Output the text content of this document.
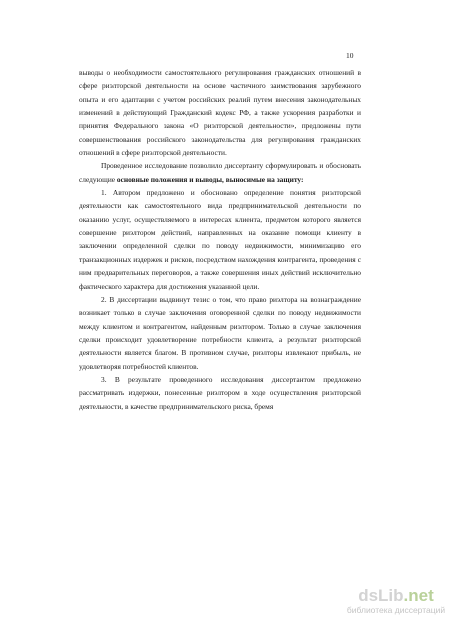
10

выводы о необходимости самостоятельного регулирования гражданских отношений в сфере риэлторской деятельности на основе частичного заимствования зарубежного опыта и его адаптации с учетом российских реалий путем внесения законодательных изменений в действующий Гражданский кодекс РФ, а также ускорения разработки и принятия Федерального закона «О риэлторской деятельности», предложены пути совершенствования российского законодательства для регулирования гражданских отношений в сфере риэлторской деятельности.

Проведенное исследование позволило диссертанту сформулировать и обосновать следующие основные положения и выводы, выносимые на защиту:

1. Автором предложено и обосновано определение понятия риэлторской деятельности как самостоятельного вида предпринимательской деятельности по оказанию услуг, осуществляемого в интересах клиента, предметом которого является совершение риэлтором действий, направленных на оказание помощи клиенту в заключении определенной сделки по поводу недвижимости, минимизацию его транзакционных издержек и рисков, посредством нахождения контрагента, проведения с ним предварительных переговоров, а также совершения иных действий исключительно фактического характера для достижения указанной цели.

2. В диссертации выдвинут тезис о том, что право риэлтора на вознаграждение возникает только в случае заключения оговоренной сделки по поводу недвижимости между клиентом и контрагентом, найденным риэлтором. Только в случае заключения сделки происходит удовлетворение потребности клиента, а результат риэлторской деятельности является благом. В противном случае, риэлторы извлекают прибыль, не удовлетворяя потребностей клиентов.

3. В результате проведенного исследования диссертантом предложено рассматривать издержки, понесенные риэлтором в ходе осуществления риэлторской деятельности, в качестве предпринимательского риска, бремя

dsLib.net
библиотека диссертаций
